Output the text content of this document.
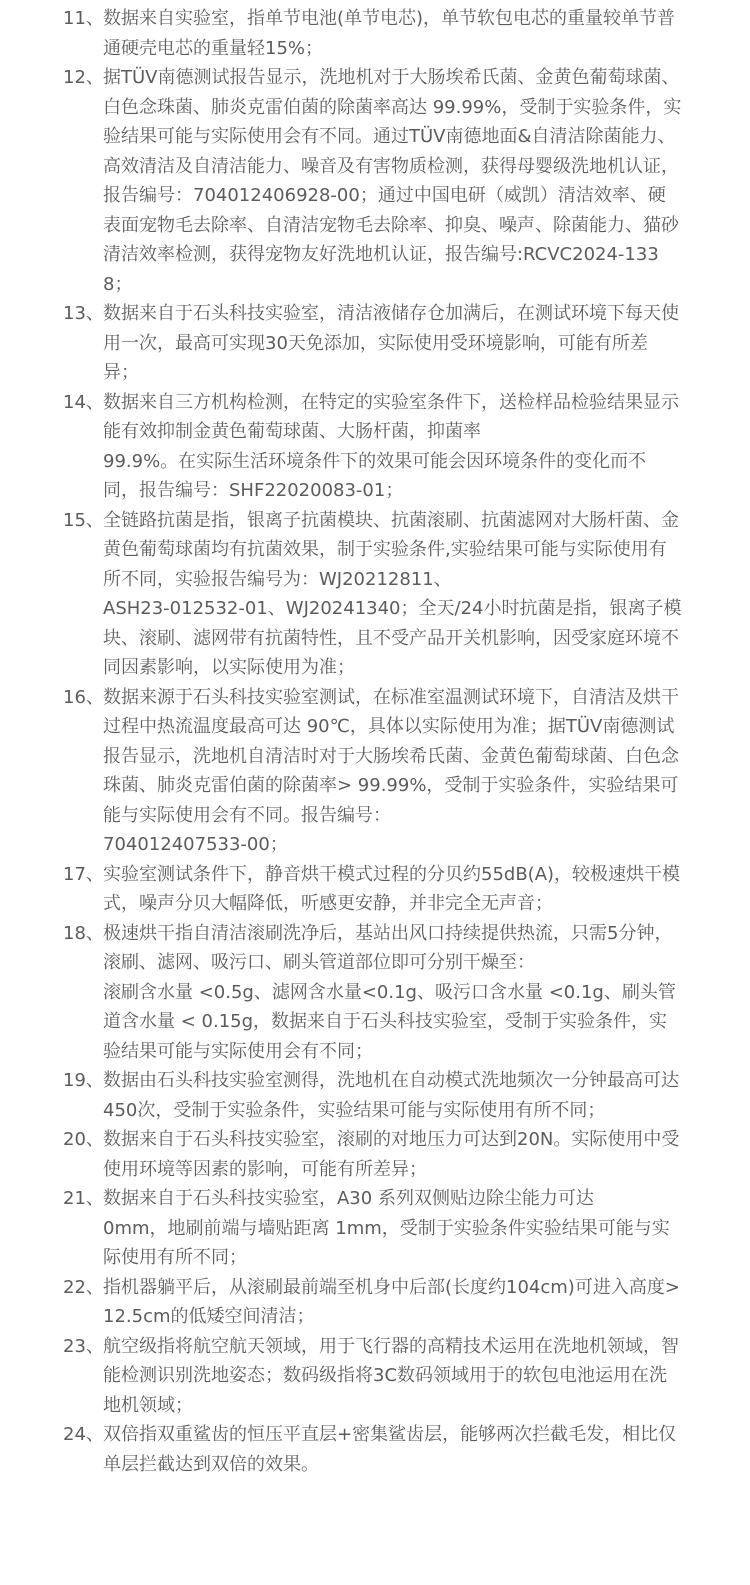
11、 数据来自实验室，指单节电池(单节电芯)，单节软包电芯的重量较单节普通硬壳电芯的重量轻15%；
12、 据TÜV南德测试报告显示，洗地机对于大肠埃希氏菌、金黄色葡萄球菌、白色念珠菌、肺炎克雷伯菌的除菌率高达 99.99%，受制于实验条件，实验结果可能与实际使用会有不同。通过TÜV南德地面&自清洁除菌能力、高效清洁及自清洁能力、噪音及有害物质检测，获得母婴级洗地机认证，报告编号：704012406928-00；通过中国电研（威凯）清洁效率、硬表面宠物毛去除率、自清洁宠物毛去除率、抑臭、噪声、除菌能力、猫砂清洁效率检测，获得宠物友好洗地机认证，报告编号:RCVC2024-1338；
13、 数据来自于石头科技实验室，清洁液储存仓加满后，在测试环境下每天使用一次，最高可实现30天免添加，实际使用受环境影响，可能有所差异；
14、 数据来自三方机构检测，在特定的实验室条件下，送检样品检验结果显示能有效抑制金黄色葡萄球菌、大肠杆菌，抑菌率
99.9%。在实际生活环境条件下的效果可能会因环境条件的变化而不同，报告编号：SHF22020083-01；
15、 全链路抗菌是指，银离子抗菌模块、抗菌滚刷、抗菌滤网对大肠杆菌、金黄色葡萄球菌均有抗菌效果，制于实验条件,实验结果可能与实际使用有所不同，实验报告编号为：WJ20212811、
ASH23-012532-01、WJ20241340；全天/24小时抗菌是指，银离子模块、滚刷、滤网带有抗菌特性，且不受产品开关机影响，因受家庭环境不同因素影响，以实际使用为准；
16、 数据来源于石头科技实验室测试，在标准室温测试环境下，自清洁及烘干过程中热流温度最高可达 90℃，具体以实际使用为准；据TÜV南德测试报告显示，洗地机自清洁时对于大肠埃希氏菌、金黄色葡萄球菌、白色念珠菌、肺炎克雷伯菌的除菌率> 99.99%，受制于实验条件，实验结果可能与实际使用会有不同。报告编号：
704012407533-00；
17、 实验室测试条件下，静音烘干模式过程的分贝约55dB(A)，较极速烘干模式，噪声分贝大幅降低，听感更安静，并非完全无声音；
18、 极速烘干指自清洁滚刷洗净后，基站出风口持续提供热流，只需5分钟，滚刷、滤网、吸污口、刷头管道部位即可分别干燥至：
滚刷含水量 <0.5g、滤网含水量<0.1g、吸污口含水量 <0.1g、刷头管道含水量 < 0.15g，数据来自于石头科技实验室，受制于实验条件，实验结果可能与实际使用会有不同；
19、 数据由石头科技实验室测得，洗地机在自动模式洗地频次一分钟最高可达450次，受制于实验条件，实验结果可能与实际使用有所不同；
20、 数据来自于石头科技实验室，滚刷的对地压力可达到20N。实际使用中受使用环境等因素的影响，可能有所差异；
21、 数据来自于石头科技实验室，A30 系列双侧贴边除尘能力可达
0mm，地刷前端与墙贴距离 1mm，受制于实验条件实验结果可能与实际使用有所不同；
22、 指机器躺平后，从滚刷最前端至机身中后部(长度约104cm)可进入高度>12.5cm的低矮空间清洁；
23、 航空级指将航空航天领域，用于飞行器的高精技术运用在洗地机领域，智能检测识别洗地姿态；数码级指将3C数码领域用于的软包电池运用在洗地机领域；
24、 双倍指双重鲨齿的恒压平直层+密集鲨齿层，能够两次拦截毛发，相比仅单层拦截达到双倍的效果。
